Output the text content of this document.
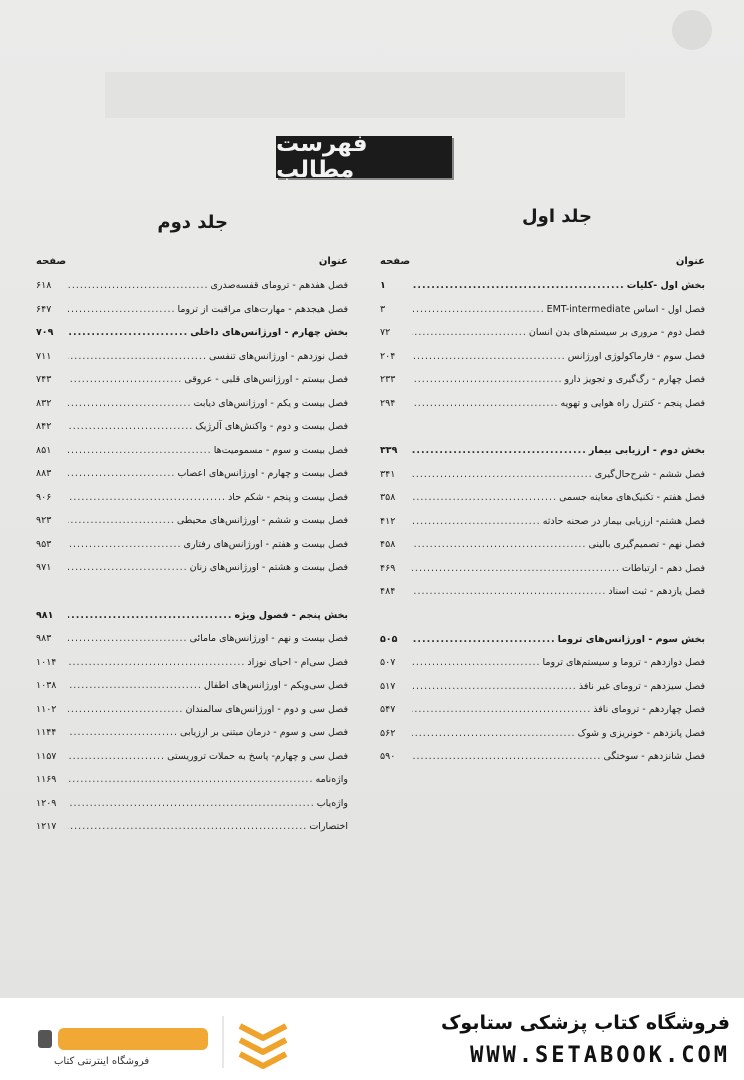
فهرست مطالب
جلد اول
جلد دوم
عنوان
صفحه
بخش اول -کلیات
.....
۱
فصل اول - اساس EMT-intermediate
.....
۳
فصل دوم - مروری بر سیستم‌های بدن انسان
.....
۷۲
فصل سوم - فارماکولوژی اورژانس
.....
۲۰۴
فصل چهارم - رگ‌گیری و تجویز دارو
.....
۲۳۳
فصل پنجم - کنترل راه هوایی و تهویه
.....
۲۹۴
بخش دوم - ارزیابی بیمار
.....
۳۳۹
فصل ششم - شرح‌حال‌گیری
.....
۳۴۱
فصل هفتم - تکنیک‌های معاینه جسمی
.....
۳۵۸
فصل هشتم- ارزیابی بیمار در صحنه حادثه
.....
۴۱۲
فصل نهم - تصمیم‌گیری بالینی
.....
۴۵۸
فصل دهم - ارتباطات
.....
۴۶۹
فصل یازدهم - ثبت اسناد
.....
۴۸۴
بخش سوم - اورژانس‌های تروما
.....
۵۰۵
فصل دوازدهم - تروما و سیستم‌های تروما
.....
۵۰۷
فصل سیزدهم - ترومای غیر نافذ
.....
۵۱۷
فصل چهاردهم - ترومای نافذ
.....
۵۴۷
فصل پانزدهم - خونریزی و شوک
.....
۵۶۲
فصل شانزدهم - سوختگی
.....
۵۹۰
عنوان
صفحه
فصل هفدهم - ترومای قفسه‌صدری
.....
۶۱۸
فصل هیجدهم - مهارت‌های مراقبت از تروما
.....
۶۴۷
بخش چهارم - اورژانس‌های داخلی
.....
۷۰۹
فصل نوزدهم - اورژانس‌های تنفسی
.....
۷۱۱
فصل بیستم - اورژانس‌های قلبی - عروقی
.....
۷۴۳
فصل بیست و یکم - اورژانس‌های دیابت
.....
۸۳۲
فصل بیست و دوم - واکنش‌های آلرژیک
.....
۸۴۲
فصل بیست و سوم - مسمومیت‌ها
.....
۸۵۱
فصل بیست و چهارم - اورژانس‌های اعصاب
.....
۸۸۳
فصل بیست و پنجم - شکم حاد
.....
۹۰۶
فصل بیست و ششم - اورژانس‌های محیطی
.....
۹۲۳
فصل بیست و هفتم - اورژانس‌های رفتاری
.....
۹۵۳
فصل بیست و هشتم - اورژانس‌های زنان
.....
۹۷۱
بخش پنجم - فصول ویژه
.....
۹۸۱
فصل بیست و نهم - اورژانس‌های مامائی
.....
۹۸۳
فصل سی‌ام - احیای نوزاد
.....
۱۰۱۴
فصل سی‌ویکم - اورژانس‌های اطفال
.....
۱۰۳۸
فصل سی و دوم - اورژانس‌های سالمندان
.....
۱۱۰۲
فصل سی و سوم - درمان مبتنی بر ارزیابی
.....
۱۱۴۴
فصل سی و چهارم- پاسخ به حملات تروریستی
.....
۱۱۵۷
واژه‌نامه
.....
۱۱۶۹
واژه‌یاب
.....
۱۲۰۹
اختصارات
.....
۱۲۱۷
فروشگاه اینترنتی کتاب
فروشگاه کتاب پزشکی ستابوک
WWW.SETABOOK.COM
